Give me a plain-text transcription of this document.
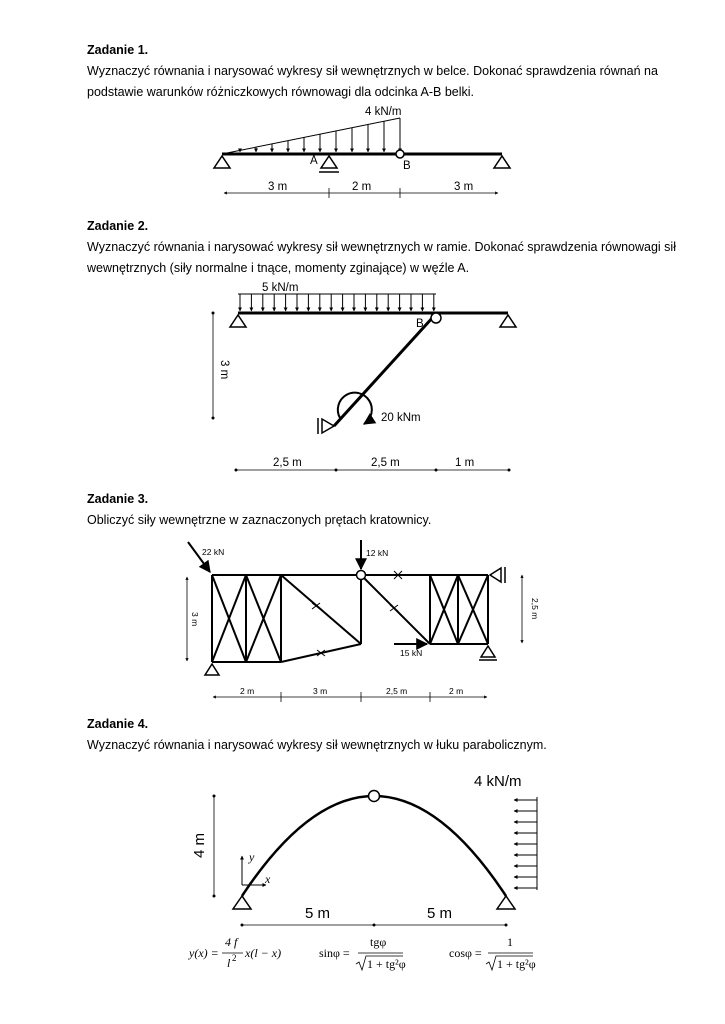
Zadanie 1.
Wyznaczyć równania i narysować wykresy sił wewnętrznych w belce. Dokonać sprawdzenia równań na podstawie warunków różniczkowych równowagi dla odcinka A-B belki.
Zadanie 2.
Wyznaczyć równania i narysować wykresy sił wewnętrznych w ramie. Dokonać sprawdzenia równowagi sił wewnętrznych (siły normalne i tnące, momenty zginające) w węźle A.
Zadanie 3.
Obliczyć siły wewnętrzne w zaznaczonych prętach kratownicy.
Zadanie 4.
Wyznaczyć równania i narysować wykresy sił wewnętrznych w łuku parabolicznym.
4 kN/m
A	B
3 m	2 m	3 m
5 kN/m
B
20 kNm
3 m
2,5 m	2,5 m	1 m
22 kN	12 kN
15 kN
3 m	2,5 m
2 m	3 m	2,5 m	2 m
4 kN/m
y
x
4 m
5 m	5 m
y(x) =
4 f
l 2 x(l − x)	sinφ =
tgφ
1 + tg²φ
cosφ =
1
1 + tg²φ
